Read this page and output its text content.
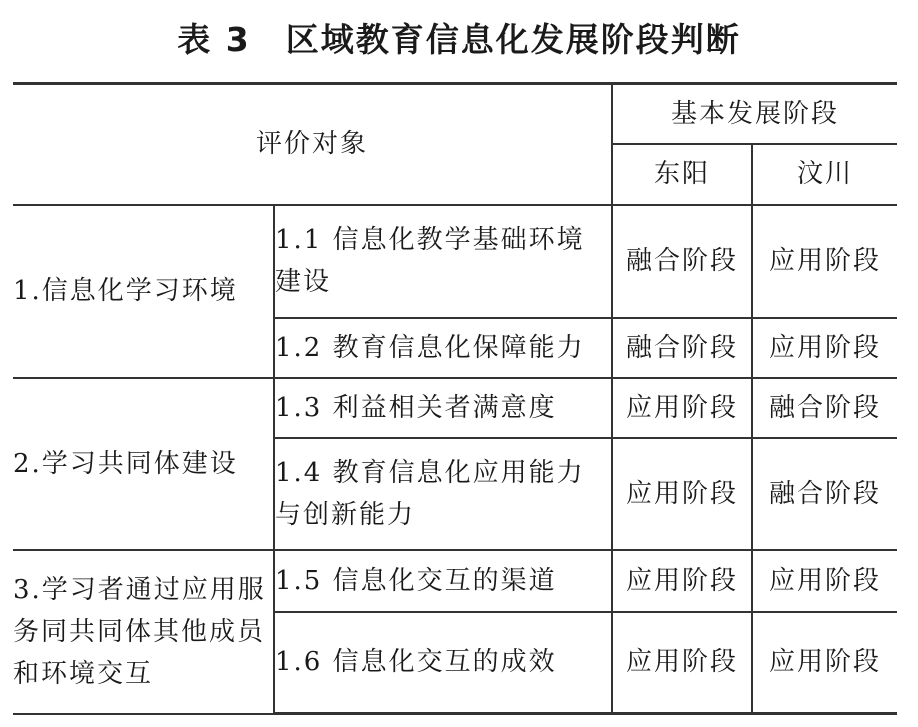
表 3　区域教育信息化发展阶段判断
评价对象		基本发展阶段	
		东阳	汶川
1.信息化学习环境	1.1 信息化教学基础环境建设	融合阶段	应用阶段
	1.2 教育信息化保障能力	融合阶段	应用阶段
2.学习共同体建设	1.3 利益相关者满意度	应用阶段	融合阶段
	1.4 教育信息化应用能力与创新能力	应用阶段	融合阶段
3.学习者通过应用服务同共同体其他成员和环境交互	1.5 信息化交互的渠道	应用阶段	应用阶段
	1.6 信息化交互的成效	应用阶段	应用阶段
